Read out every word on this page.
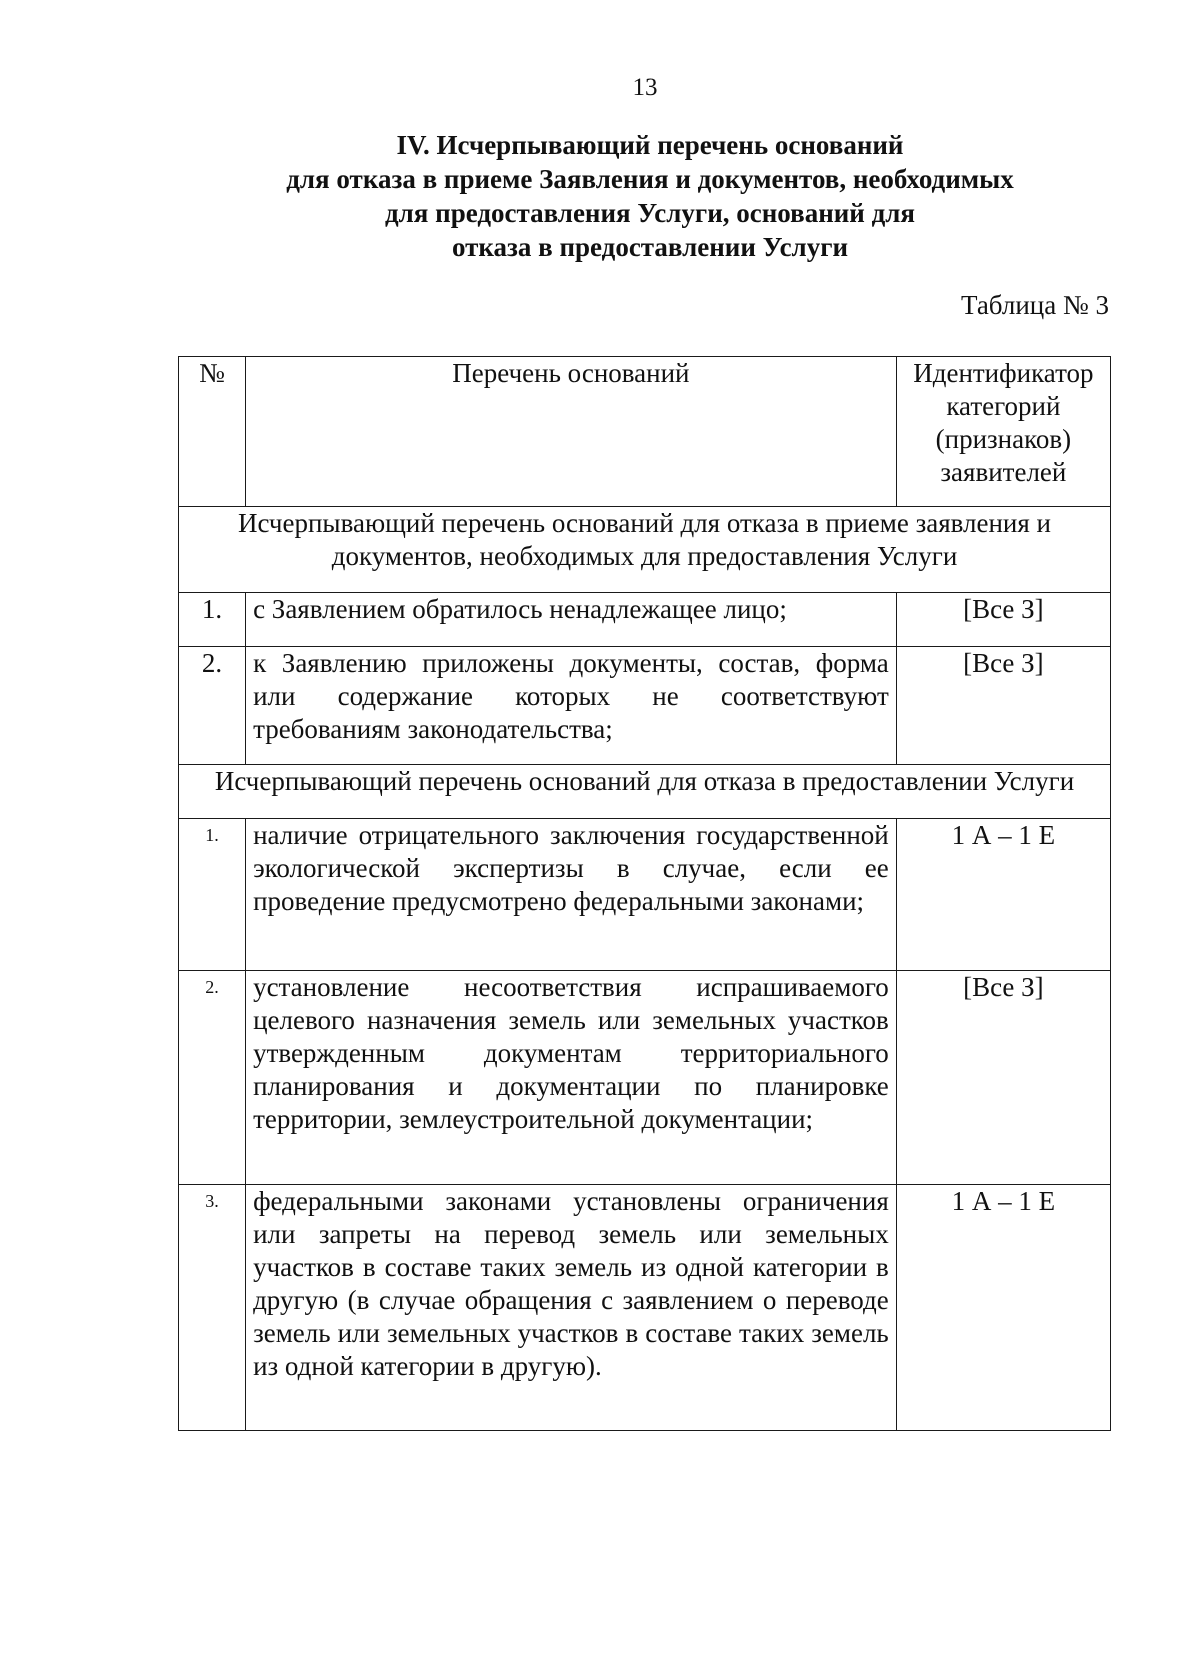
13
IV. Исчерпывающий перечень оснований
для отказа в приеме Заявления и документов, необходимых
для предоставления Услуги, оснований для
отказа в предоставлении Услуги
Таблица № 3
№	Перечень оснований	Идентификатор категорий (признаков) заявителей
Исчерпывающий перечень оснований для отказа в приеме заявления и документов, необходимых для предоставления Услуги		
1.	с Заявлением обратилось ненадлежащее лицо;	[Все З]
2.	к Заявлению приложены документы, состав, форма или содержание которых не соответствуют требованиям законодательства;	[Все З]
Исчерпывающий перечень оснований для отказа в предоставлении Услуги		
1.	наличие отрицательного заключения государственной экологической экспертизы в случае, если ее проведение предусмотрено федеральными законами;	1 А – 1 Е
2.	установление несоответствия испрашиваемого целевого назначения земель или земельных участков утвержденным документам территориального планирования и документации по планировке территории, землеустроительной документации;	[Все З]
3.	федеральными законами установлены ограничения или запреты на перевод земель или земельных участков в составе таких земель из одной категории в другую (в случае обращения с заявлением о переводе земель или земельных участков в составе таких земель из одной категории в другую).	1 А – 1 Е
